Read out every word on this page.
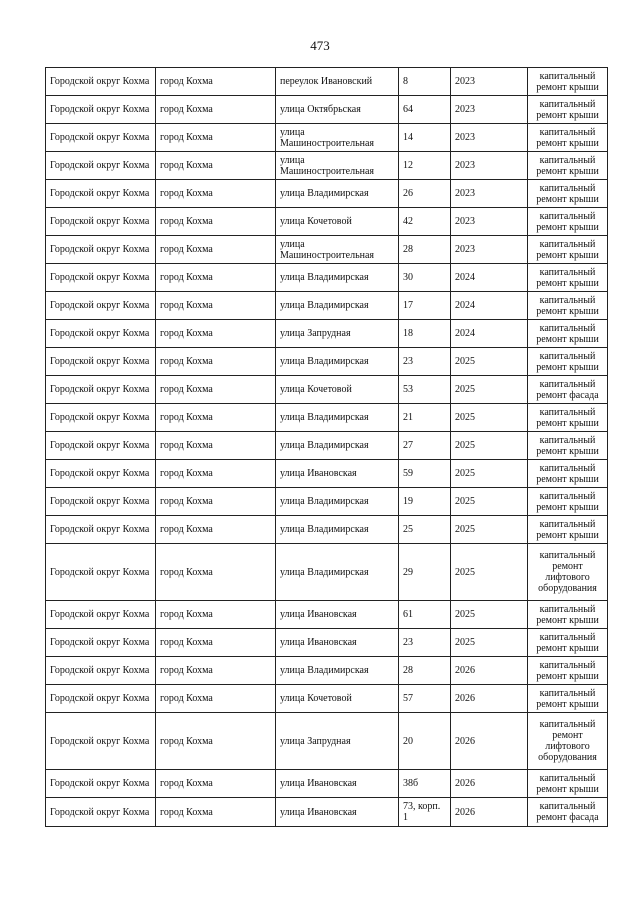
473
Городской округ Кохма	город Кохма	переулок Ивановский	8	2023	капитальный ремонт крыши
Городской округ Кохма	город Кохма	улица Октябрьская	64	2023	капитальный ремонт крыши
Городской округ Кохма	город Кохма	улица Машиностроительная	14	2023	капитальный ремонт крыши
Городской округ Кохма	город Кохма	улица Машиностроительная	12	2023	капитальный ремонт крыши
Городской округ Кохма	город Кохма	улица Владимирская	26	2023	капитальный ремонт крыши
Городской округ Кохма	город Кохма	улица Кочетовой	42	2023	капитальный ремонт крыши
Городской округ Кохма	город Кохма	улица Машиностроительная	28	2023	капитальный ремонт крыши
Городской округ Кохма	город Кохма	улица Владимирская	30	2024	капитальный ремонт крыши
Городской округ Кохма	город Кохма	улица Владимирская	17	2024	капитальный ремонт крыши
Городской округ Кохма	город Кохма	улица Запрудная	18	2024	капитальный ремонт крыши
Городской округ Кохма	город Кохма	улица Владимирская	23	2025	капитальный ремонт крыши
Городской округ Кохма	город Кохма	улица Кочетовой	53	2025	капитальный ремонт фасада
Городской округ Кохма	город Кохма	улица Владимирская	21	2025	капитальный ремонт крыши
Городской округ Кохма	город Кохма	улица Владимирская	27	2025	капитальный ремонт крыши
Городской округ Кохма	город Кохма	улица Ивановская	59	2025	капитальный ремонт крыши
Городской округ Кохма	город Кохма	улица Владимирская	19	2025	капитальный ремонт крыши
Городской округ Кохма	город Кохма	улица Владимирская	25	2025	капитальный ремонт крыши
Городской округ Кохма	город Кохма	улица Владимирская	29	2025	капитальный ремонт лифтового оборудования
Городской округ Кохма	город Кохма	улица Ивановская	61	2025	капитальный ремонт крыши
Городской округ Кохма	город Кохма	улица Ивановская	23	2025	капитальный ремонт крыши
Городской округ Кохма	город Кохма	улица Владимирская	28	2026	капитальный ремонт крыши
Городской округ Кохма	город Кохма	улица Кочетовой	57	2026	капитальный ремонт крыши
Городской округ Кохма	город Кохма	улица Запрудная	20	2026	капитальный ремонт лифтового оборудования
Городской округ Кохма	город Кохма	улица Ивановская	38б	2026	капитальный ремонт крыши
Городской округ Кохма	город Кохма	улица Ивановская	73, корп. 1	2026	капитальный ремонт фасада
